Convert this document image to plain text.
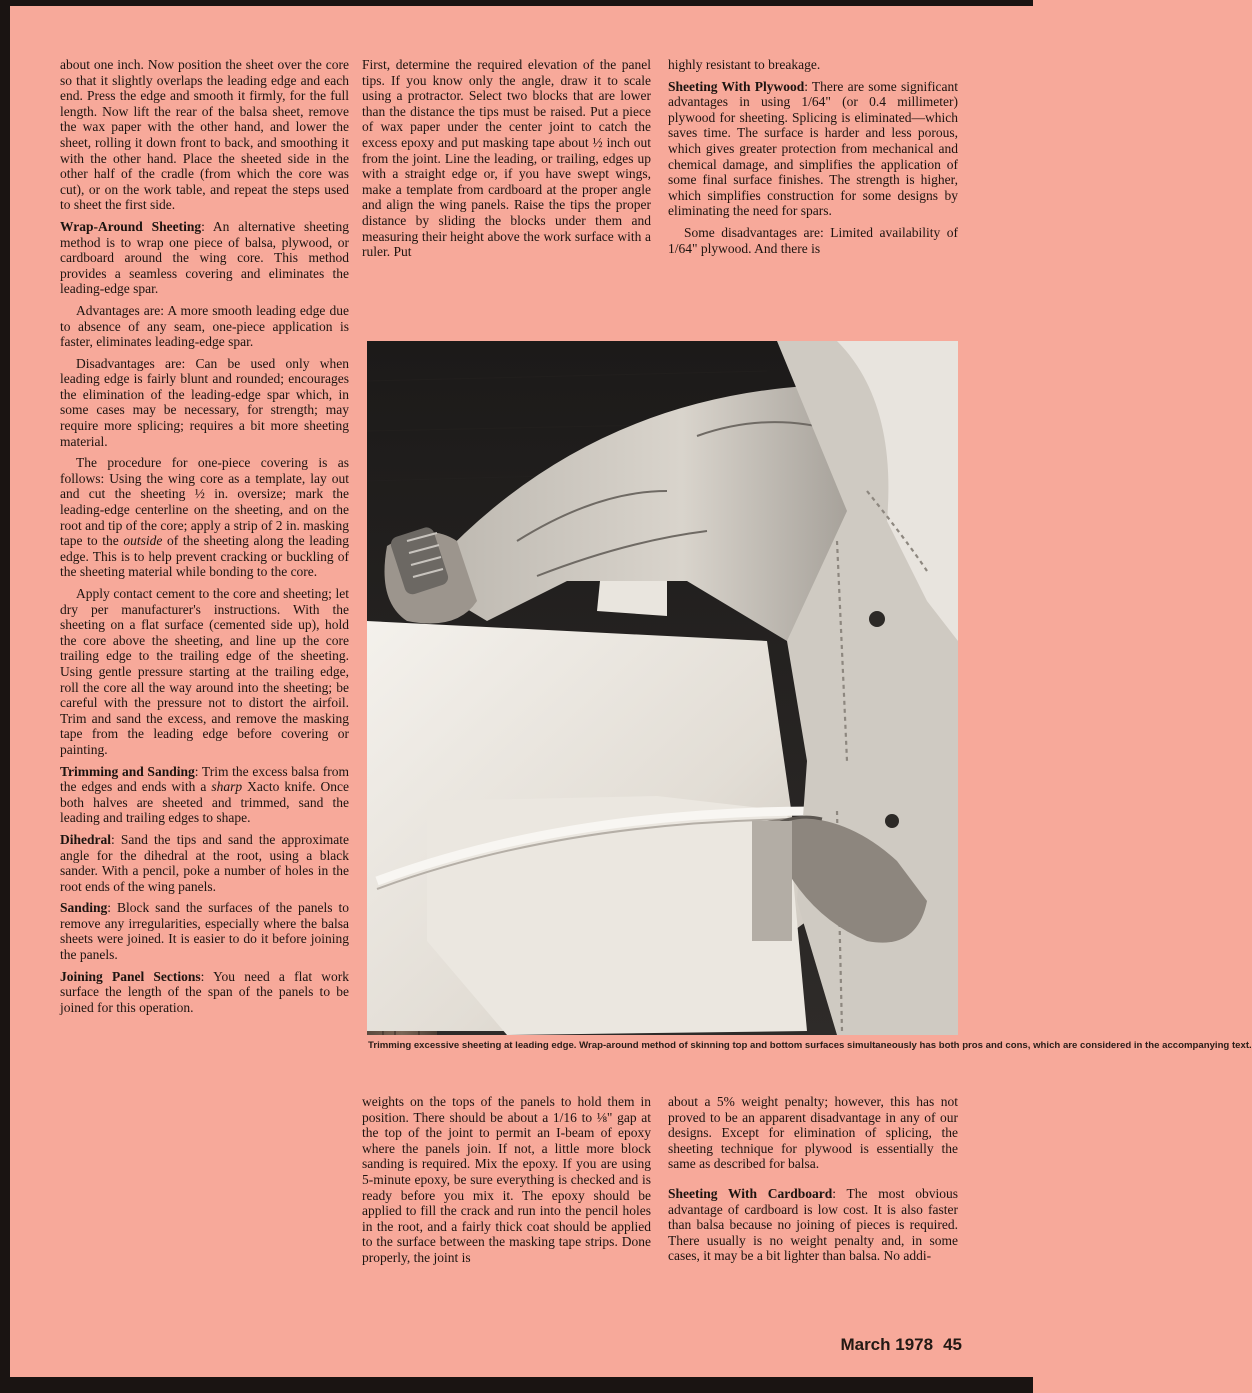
about one inch. Now position the sheet over the core so that it slightly overlaps the leading edge and each end. Press the edge and smooth it firmly, for the full length. Now lift the rear of the balsa sheet, remove the wax paper with the other hand, and lower the sheet, rolling it down front to back, and smoothing it with the other hand. Place the sheeted side in the other half of the cradle (from which the core was cut), or on the work table, and repeat the steps used to sheet the first side.

Wrap-Around Sheeting: An alternative sheeting method is to wrap one piece of balsa, plywood, or cardboard around the wing core. This method provides a seamless covering and eliminates the leading-edge spar.

Advantages are: A more smooth leading edge due to absence of any seam, one-piece application is faster, eliminates leading-edge spar.

Disadvantages are: Can be used only when leading edge is fairly blunt and rounded; encourages the elimination of the leading-edge spar which, in some cases may be necessary, for strength; may require more splicing; requires a bit more sheeting material.

The procedure for one-piece covering is as follows: Using the wing core as a template, lay out and cut the sheeting ½ in. oversize; mark the leading-edge centerline on the sheeting, and on the root and tip of the core; apply a strip of 2 in. masking tape to the outside of the sheeting along the leading edge. This is to help prevent cracking or buckling of the sheeting material while bonding to the core.

Apply contact cement to the core and sheeting; let dry per manufacturer's instructions. With the sheeting on a flat surface (cemented side up), hold the core above the sheeting, and line up the core trailing edge to the trailing edge of the sheeting. Using gentle pressure starting at the trailing edge, roll the core all the way around into the sheeting; be careful with the pressure not to distort the airfoil. Trim and sand the excess, and remove the masking tape from the leading edge before covering or painting.

Trimming and Sanding: Trim the excess balsa from the edges and ends with a sharp Xacto knife. Once both halves are sheeted and trimmed, sand the leading and trailing edges to shape.

Dihedral: Sand the tips and sand the approximate angle for the dihedral at the root, using a black sander. With a pencil, poke a number of holes in the root ends of the wing panels.

Sanding: Block sand the surfaces of the panels to remove any irregularities, especially where the balsa sheets were joined. It is easier to do it before joining the panels.

Joining Panel Sections: You need a flat work surface the length of the span of the panels to be joined for this operation.

First, determine the required elevation of the panel tips. If you know only the angle, draw it to scale using a protractor. Select two blocks that are lower than the distance the tips must be raised. Put a piece of wax paper under the center joint to catch the excess epoxy and put masking tape about ½ inch out from the joint. Line the leading, or trailing, edges up with a straight edge or, if you have swept wings, make a template from cardboard at the proper angle and align the wing panels. Raise the tips the proper distance by sliding the blocks under them and measuring their height above the work surface with a ruler. Put

highly resistant to breakage.

Sheeting With Plywood: There are some significant advantages in using 1/64" (or 0.4 millimeter) plywood for sheeting. Splicing is eliminated—which saves time. The surface is harder and less porous, which gives greater protection from mechanical and chemical damage, and simplifies the application of some final surface finishes. The strength is higher, which simplifies construction for some designs by eliminating the need for spars.

Some disadvantages are: Limited availability of 1/64" plywood. And there is

Trimming excessive sheeting at leading edge. Wrap-around method of skinning top and bottom surfaces simultaneously has both pros and cons, which are considered in the accompanying text.

weights on the tops of the panels to hold them in position. There should be about a 1/16 to ⅛" gap at the top of the joint to permit an I-beam of epoxy where the panels join. If not, a little more block sanding is required. Mix the epoxy. If you are using 5-minute epoxy, be sure everything is checked and is ready before you mix it. The epoxy should be applied to fill the crack and run into the pencil holes in the root, and a fairly thick coat should be applied to the surface between the masking tape strips. Done properly, the joint is

about a 5% weight penalty; however, this has not proved to be an apparent disadvantage in any of our designs. Except for elimination of splicing, the sheeting technique for plywood is essentially the same as described for balsa.

Sheeting With Cardboard: The most obvious advantage of cardboard is low cost. It is also faster than balsa because no joining of pieces is required. There usually is no weight penalty and, in some cases, it may be a bit lighter than balsa. No addi-

March 1978 45
